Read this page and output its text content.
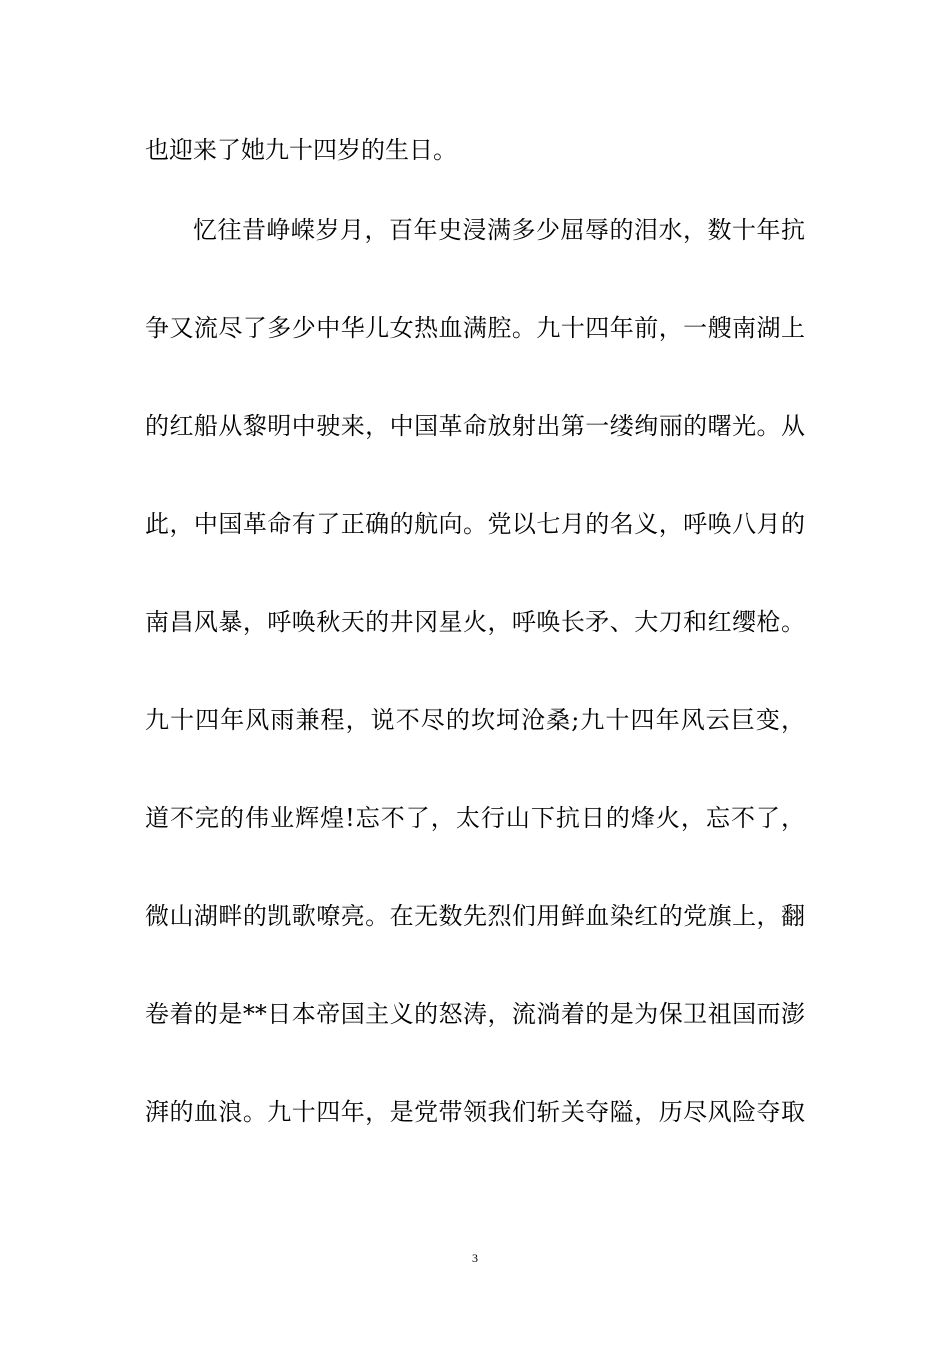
也迎来了她九十四岁的生日。
忆往昔峥嵘岁月，百年史浸满多少屈辱的泪水，数十年抗
争又流尽了多少中华儿女热血满腔。九十四年前，一艘南湖上
的红船从黎明中驶来，中国革命放射出第一缕绚丽的曙光。从
此，中国革命有了正确的航向。党以七月的名义，呼唤八月的
南昌风暴，呼唤秋天的井冈星火，呼唤长矛、大刀和红缨枪。
九十四年风雨兼程，说不尽的坎坷沧桑;九十四年风云巨变，
道不完的伟业辉煌!忘不了，太行山下抗日的烽火，忘不了，
微山湖畔的凯歌嘹亮。在无数先烈们用鲜血染红的党旗上，翻
卷着的是**日本帝国主义的怒涛，流淌着的是为保卫祖国而澎
湃的血浪。九十四年，是党带领我们斩关夺隘，历尽风险夺取
3
